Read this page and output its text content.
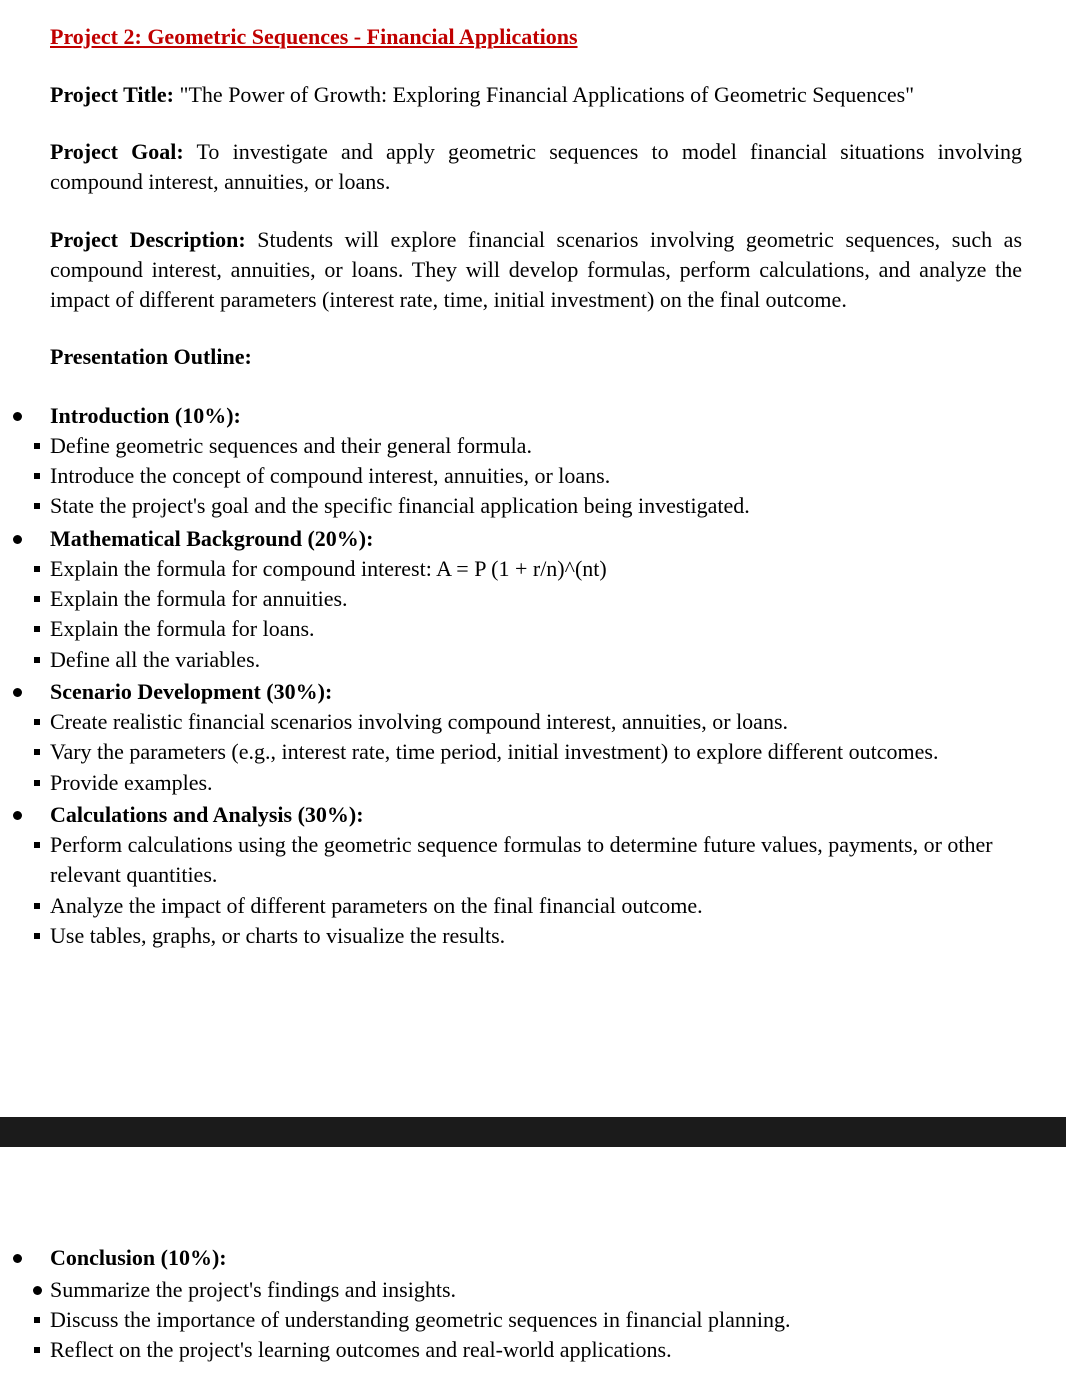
Project 2: Geometric Sequences - Financial Applications
Project Title: "The Power of Growth: Exploring Financial Applications of Geometric Sequences"
Project Goal: To investigate and apply geometric sequences to model financial situations involving compound interest, annuities, or loans.
Project Description: Students will explore financial scenarios involving geometric sequences, such as compound interest, annuities, or loans. They will develop formulas, perform calculations, and analyze the impact of different parameters (interest rate, time, initial investment) on the final outcome.
Presentation Outline:
Introduction (10%):
Define geometric sequences and their general formula.
Introduce the concept of compound interest, annuities, or loans.
State the project's goal and the specific financial application being investigated.
Mathematical Background (20%):
Explain the formula for compound interest: A = P (1 + r/n)^(nt)
Explain the formula for annuities.
Explain the formula for loans.
Define all the variables.
Scenario Development (30%):
Create realistic financial scenarios involving compound interest, annuities, or loans.
Vary the parameters (e.g., interest rate, time period, initial investment) to explore different outcomes.
Provide examples.
Calculations and Analysis (30%):
Perform calculations using the geometric sequence formulas to determine future values, payments, or other relevant quantities.
Analyze the impact of different parameters on the final financial outcome.
Use tables, graphs, or charts to visualize the results.
Conclusion (10%):
Summarize the project's findings and insights.
Discuss the importance of understanding geometric sequences in financial planning.
Reflect on the project's learning outcomes and real-world applications.
